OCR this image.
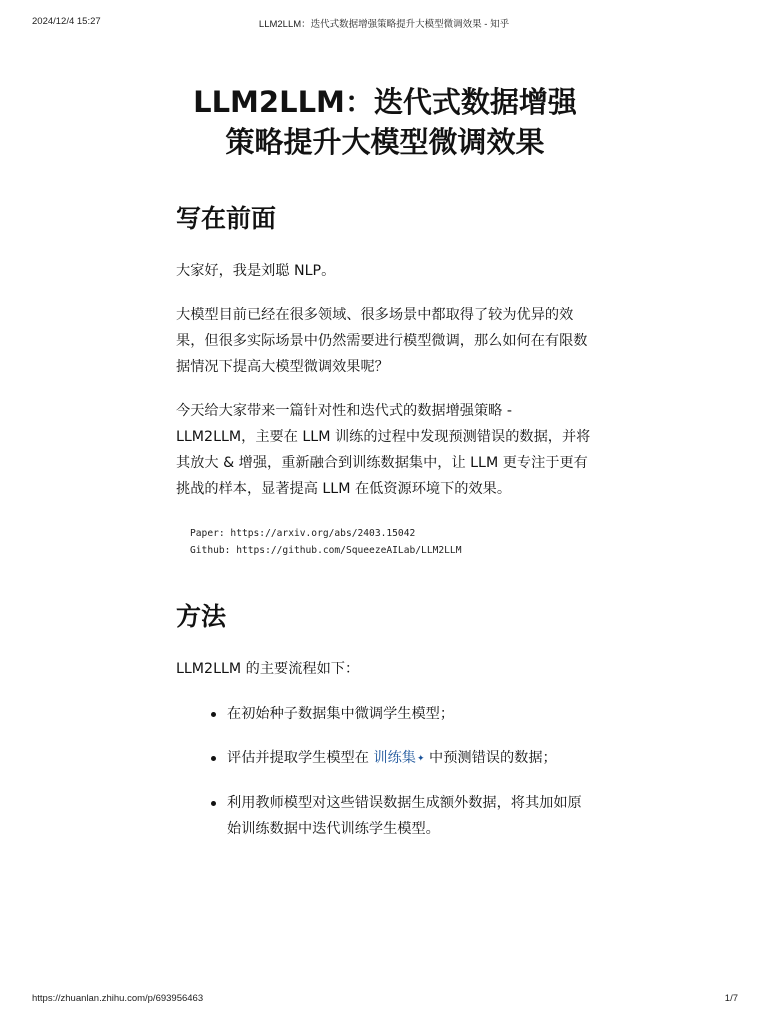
2024/12/4 15:27	LLM2LLM：迭代式数据增强策略提升大模型微调效果 - 知乎
LLM2LLM：迭代式数据增强
策略提升大模型微调效果
写在前面

大家好，我是刘聪 NLP。

大模型目前已经在很多领域、很多场景中都取得了较为优异的效果，但很多实际场景中仍然需要进行模型微调，那么如何在有限数据情况下提高大模型微调效果呢？

今天给大家带来一篇针对性和迭代式的数据增强策略 - LLM2LLM，主要在 LLM 训练的过程中发现预测错误的数据，并将其放大 & 增强，重新融合到训练数据集中，让 LLM 更专注于更有挑战的样本，显著提高 LLM 在低资源环境下的效果。

Paper: https://arxiv.org/abs/2403.15042
Github: https://github.com/SqueezeAILab/LLM2LLM
方法

LLM2LLM 的主要流程如下：

在初始种子数据集中微调学生模型；
评估并提取学生模型在 训练集✦ 中预测错误的数据；
利用教师模型对这些错误数据生成额外数据，将其加如原始训练数据中迭代训练学生模型。
https://zhuanlan.zhihu.com/p/693956463	1/7
